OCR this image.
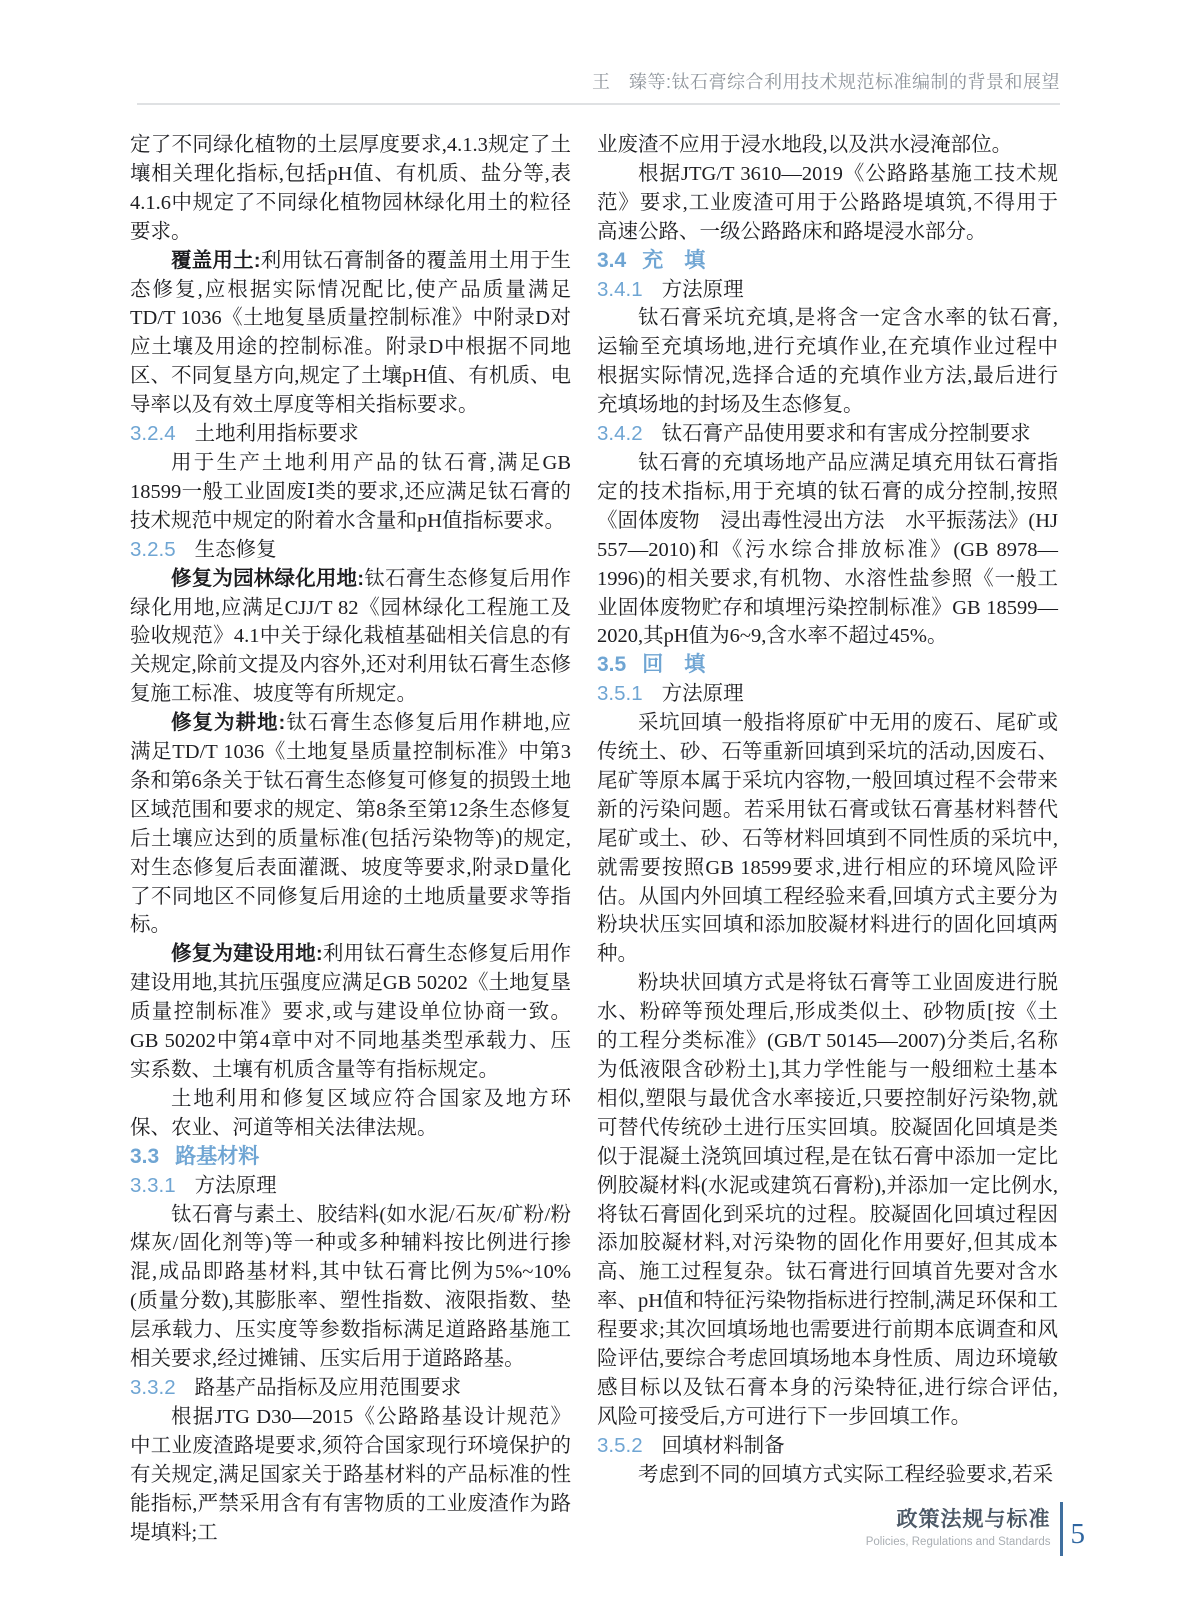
王　臻等:钛石膏综合利用技术规范标准编制的背景和展望

定了不同绿化植物的土层厚度要求,4.1.3规定了土壤相关理化指标,包括pH值、有机质、盐分等,表4.1.6中规定了不同绿化植物园林绿化用土的粒径要求。

覆盖用土:利用钛石膏制备的覆盖用土用于生态修复,应根据实际情况配比,使产品质量满足TD/T 1036《土地复垦质量控制标准》中附录D对应土壤及用途的控制标准。附录D中根据不同地区、不同复垦方向,规定了土壤pH值、有机质、电导率以及有效土厚度等相关指标要求。

3.2.4 土地利用指标要求

用于生产土地利用产品的钛石膏,满足GB 18599一般工业固废Ⅰ类的要求,还应满足钛石膏的技术规范中规定的附着水含量和pH值指标要求。

3.2.5 生态修复

修复为园林绿化用地:钛石膏生态修复后用作绿化用地,应满足CJJ/T 82《园林绿化工程施工及验收规范》4.1中关于绿化栽植基础相关信息的有关规定,除前文提及内容外,还对利用钛石膏生态修复施工标准、坡度等有所规定。

修复为耕地:钛石膏生态修复后用作耕地,应满足TD/T 1036《土地复垦质量控制标准》中第3条和第6条关于钛石膏生态修复可修复的损毁土地区域范围和要求的规定、第8条至第12条生态修复后土壤应达到的质量标准(包括污染物等)的规定,对生态修复后表面灌溉、坡度等要求,附录D量化了不同地区不同修复后用途的土地质量要求等指标。

修复为建设用地:利用钛石膏生态修复后用作建设用地,其抗压强度应满足GB 50202《土地复垦质量控制标准》要求,或与建设单位协商一致。GB 50202中第4章中对不同地基类型承载力、压实系数、土壤有机质含量等有指标规定。

土地利用和修复区域应符合国家及地方环保、农业、河道等相关法律法规。

3.3 路基材料
3.3.1 方法原理

钛石膏与素土、胶结料(如水泥/石灰/矿粉/粉煤灰/固化剂等)等一种或多种辅料按比例进行掺混,成品即路基材料,其中钛石膏比例为5%~10%(质量分数),其膨胀率、塑性指数、液限指数、垫层承载力、压实度等参数指标满足道路路基施工相关要求,经过摊铺、压实后用于道路路基。

3.3.2 路基产品指标及应用范围要求

根据JTG D30—2015《公路路基设计规范》中工业废渣路堤要求,须符合国家现行环境保护的有关规定,满足国家关于路基材料的产品标准的性能指标,严禁采用含有有害物质的工业废渣作为路堤填料;工

业废渣不应用于浸水地段,以及洪水浸淹部位。

根据JTG/T 3610—2019《公路路基施工技术规范》要求,工业废渣可用于公路路堤填筑,不得用于高速公路、一级公路路床和路堤浸水部分。

3.4 充　填
3.4.1 方法原理

钛石膏采坑充填,是将含一定含水率的钛石膏,运输至充填场地,进行充填作业,在充填作业过程中根据实际情况,选择合适的充填作业方法,最后进行充填场地的封场及生态修复。

3.4.2 钛石膏产品使用要求和有害成分控制要求

钛石膏的充填场地产品应满足填充用钛石膏指定的技术指标,用于充填的钛石膏的成分控制,按照《固体废物　浸出毒性浸出方法　水平振荡法》(HJ 557—2010)和《污水综合排放标准》(GB 8978—1996)的相关要求,有机物、水溶性盐参照《一般工业固体废物贮存和填埋污染控制标准》GB 18599—2020,其pH值为6~9,含水率不超过45%。

3.5 回　填
3.5.1 方法原理

采坑回填一般指将原矿中无用的废石、尾矿或传统土、砂、石等重新回填到采坑的活动,因废石、尾矿等原本属于采坑内容物,一般回填过程不会带来新的污染问题。若采用钛石膏或钛石膏基材料替代尾矿或土、砂、石等材料回填到不同性质的采坑中,就需要按照GB 18599要求,进行相应的环境风险评估。从国内外回填工程经验来看,回填方式主要分为粉块状压实回填和添加胶凝材料进行的固化回填两种。

粉块状回填方式是将钛石膏等工业固废进行脱水、粉碎等预处理后,形成类似土、砂物质[按《土的工程分类标准》(GB/T 50145—2007)分类后,名称为低液限含砂粉土],其力学性能与一般细粒土基本相似,塑限与最优含水率接近,只要控制好污染物,就可替代传统砂土进行压实回填。胶凝固化回填是类似于混凝土浇筑回填过程,是在钛石膏中添加一定比例胶凝材料(水泥或建筑石膏粉),并添加一定比例水,将钛石膏固化到采坑的过程。胶凝固化回填过程因添加胶凝材料,对污染物的固化作用要好,但其成本高、施工过程复杂。钛石膏进行回填首先要对含水率、pH值和特征污染物指标进行控制,满足环保和工程要求;其次回填场地也需要进行前期本底调查和风险评估,要综合考虑回填场地本身性质、周边环境敏感目标以及钛石膏本身的污染特征,进行综合评估,风险可接受后,方可进行下一步回填工作。

3.5.2 回填材料制备

考虑到不同的回填方式实际工程经验要求,若采

政策法规与标准
Policies, Regulations and Standards 5
